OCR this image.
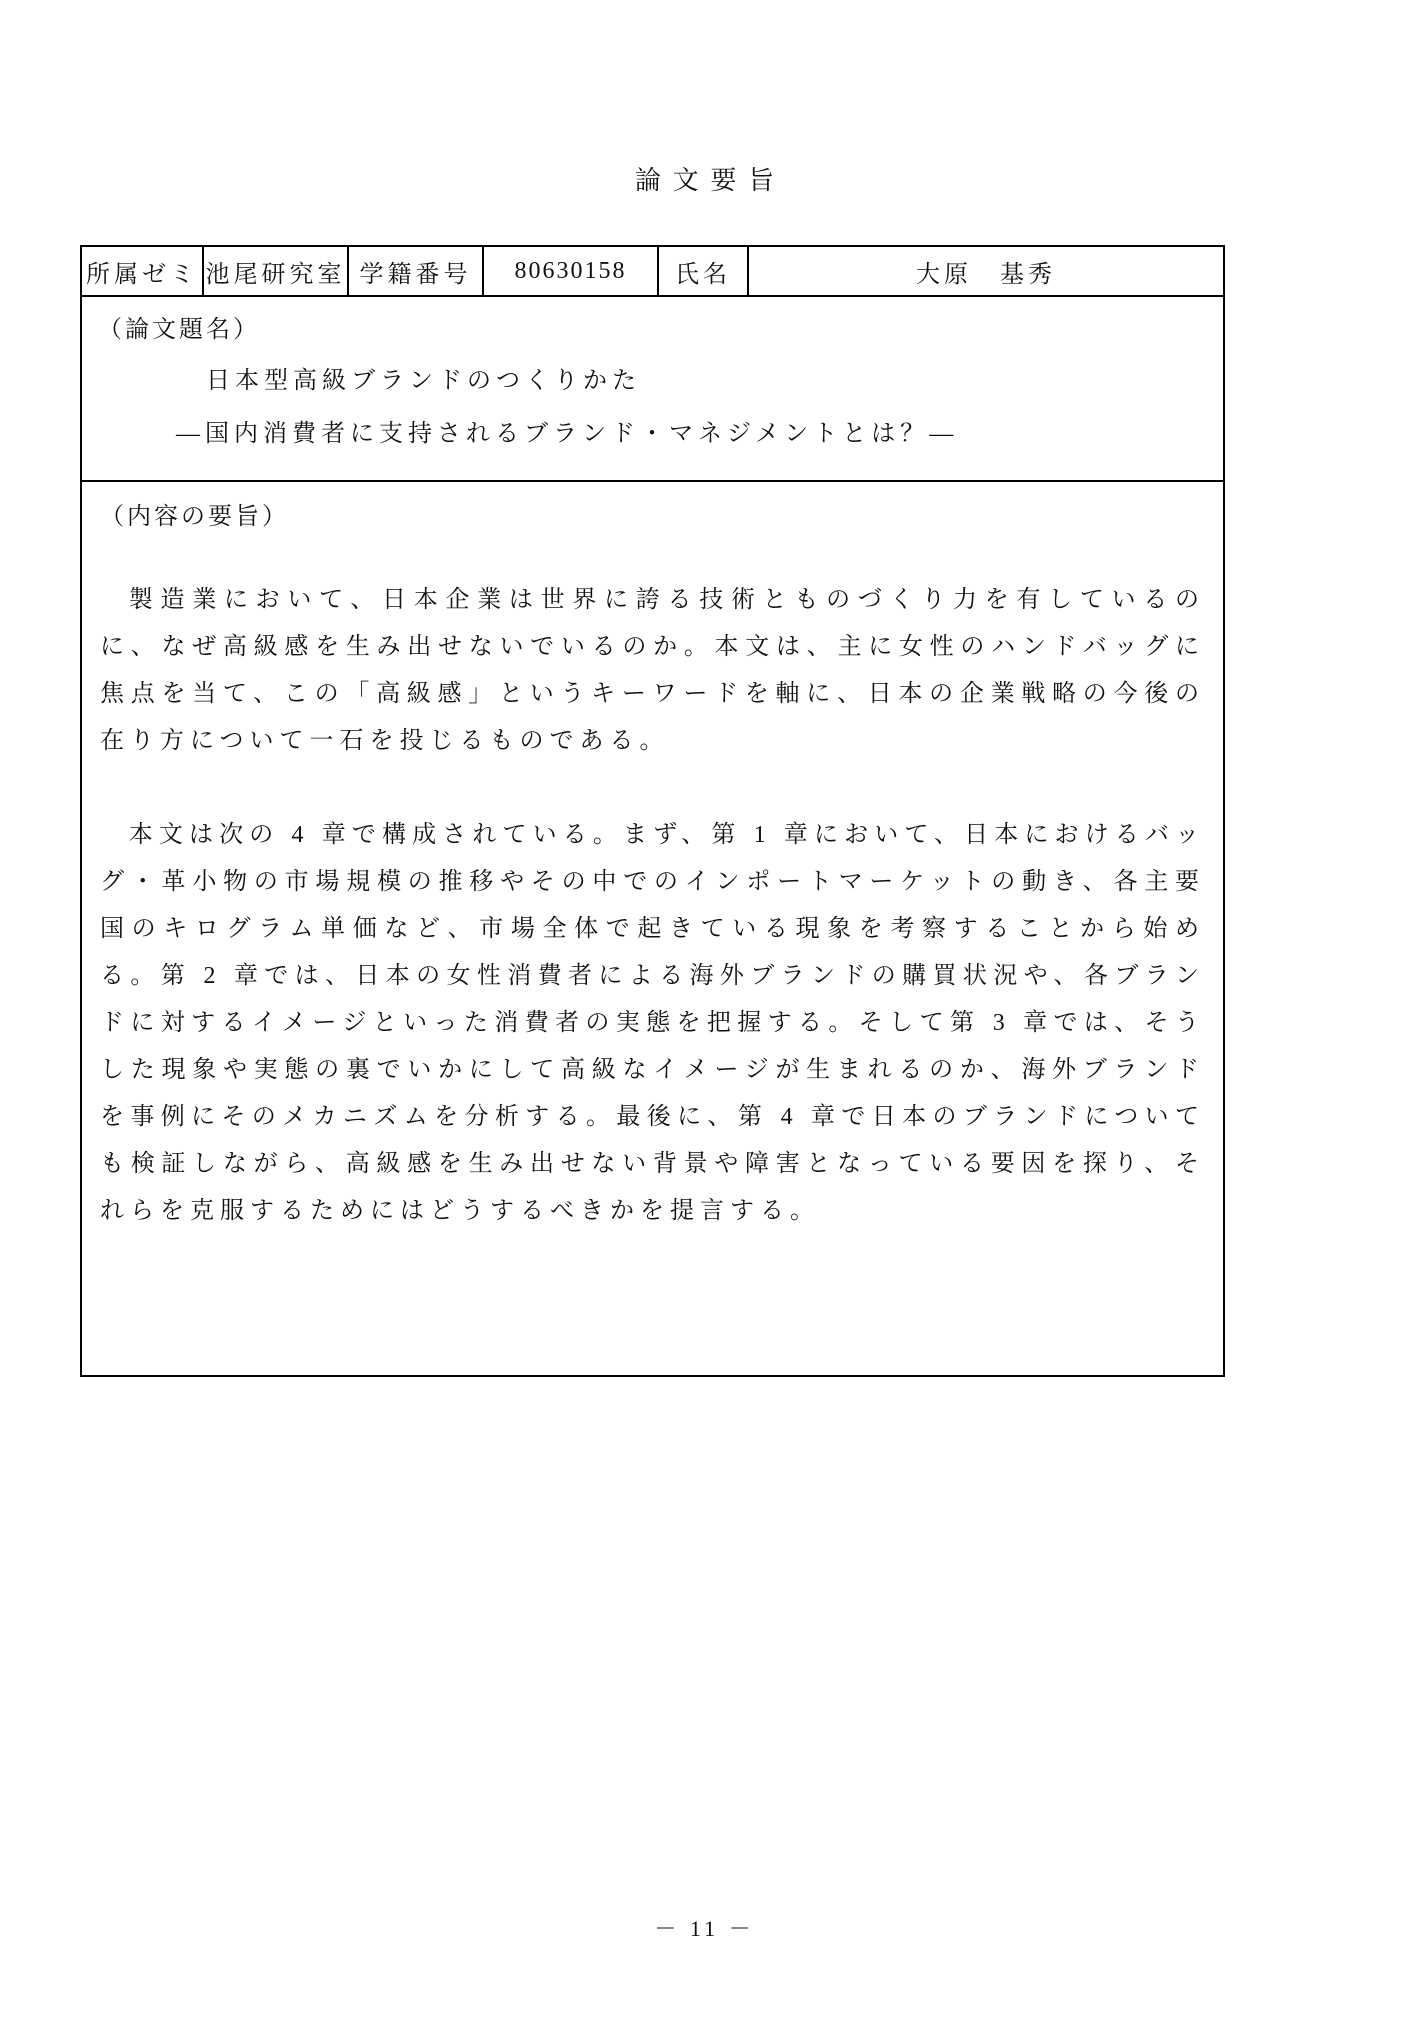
論文要旨
所属ゼミ 池尾研究室 学籍番号	80630158	氏名	大原　基秀
（論文題名）
日本型高級ブランドのつくりかた
―国内消費者に支持されるブランド・マネジメントとは？―
（内容の要旨）

製造業において、日本企業は世界に誇る技術とものづくり力を有しているのに、なぜ高級感を生み出せないでいるのか。本文は、主に女性のハンドバッグに焦点を当て、この「高級感」というキーワードを軸に、日本の企業戦略の今後の在り方について一石を投じるものである。

本文は次の 4 章で構成されている。まず、第 1 章において、日本におけるバッグ・革小物の市場規模の推移やその中でのインポートマーケットの動き、各主要国のキログラム単価など、市場全体で起きている現象を考察することから始める。第 2 章では、日本の女性消費者による海外ブランドの購買状況や、各ブランドに対するイメージといった消費者の実態を把握する。そして第 3 章では、そうした現象や実態の裏でいかにして高級なイメージが生まれるのか、海外ブランドを事例にそのメカニズムを分析する。最後に、第 4 章で日本のブランドについても検証しながら、高級感を生み出せない背景や障害となっている要因を探り、それらを克服するためにはどうするべきかを提言する。

－ 11 －
